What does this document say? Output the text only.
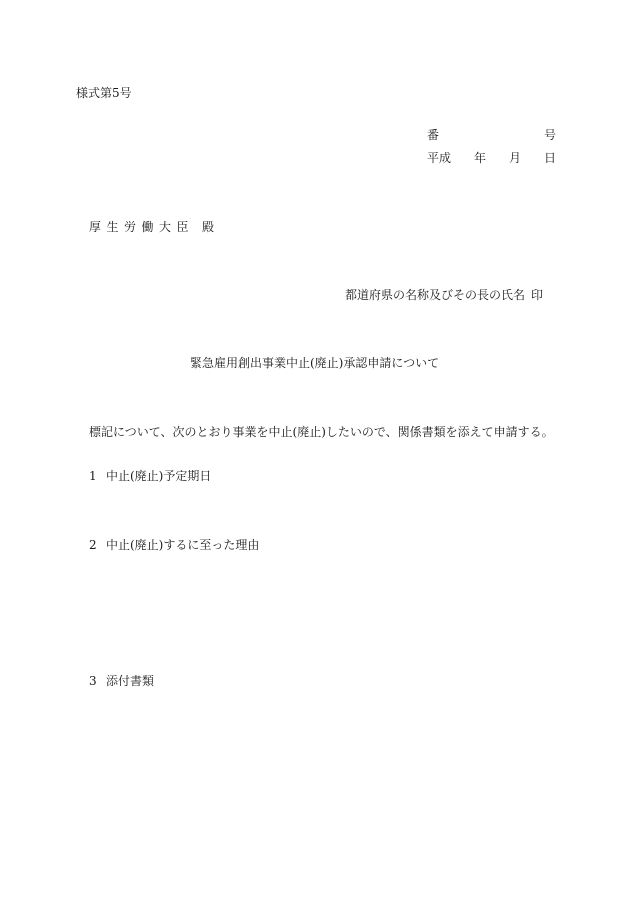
様式第5号
番	号
平成 年 月 日
厚生労働大臣 殿
都道府県の名称及びその長の氏名 印
緊急雇用創出事業中止(廃止)承認申請について
標記について、次のとおり事業を中止(廃止)したいので、関係書類を添えて申請する。
1 中止(廃止)予定期日
2 中止(廃止)するに至った理由
3 添付書類
